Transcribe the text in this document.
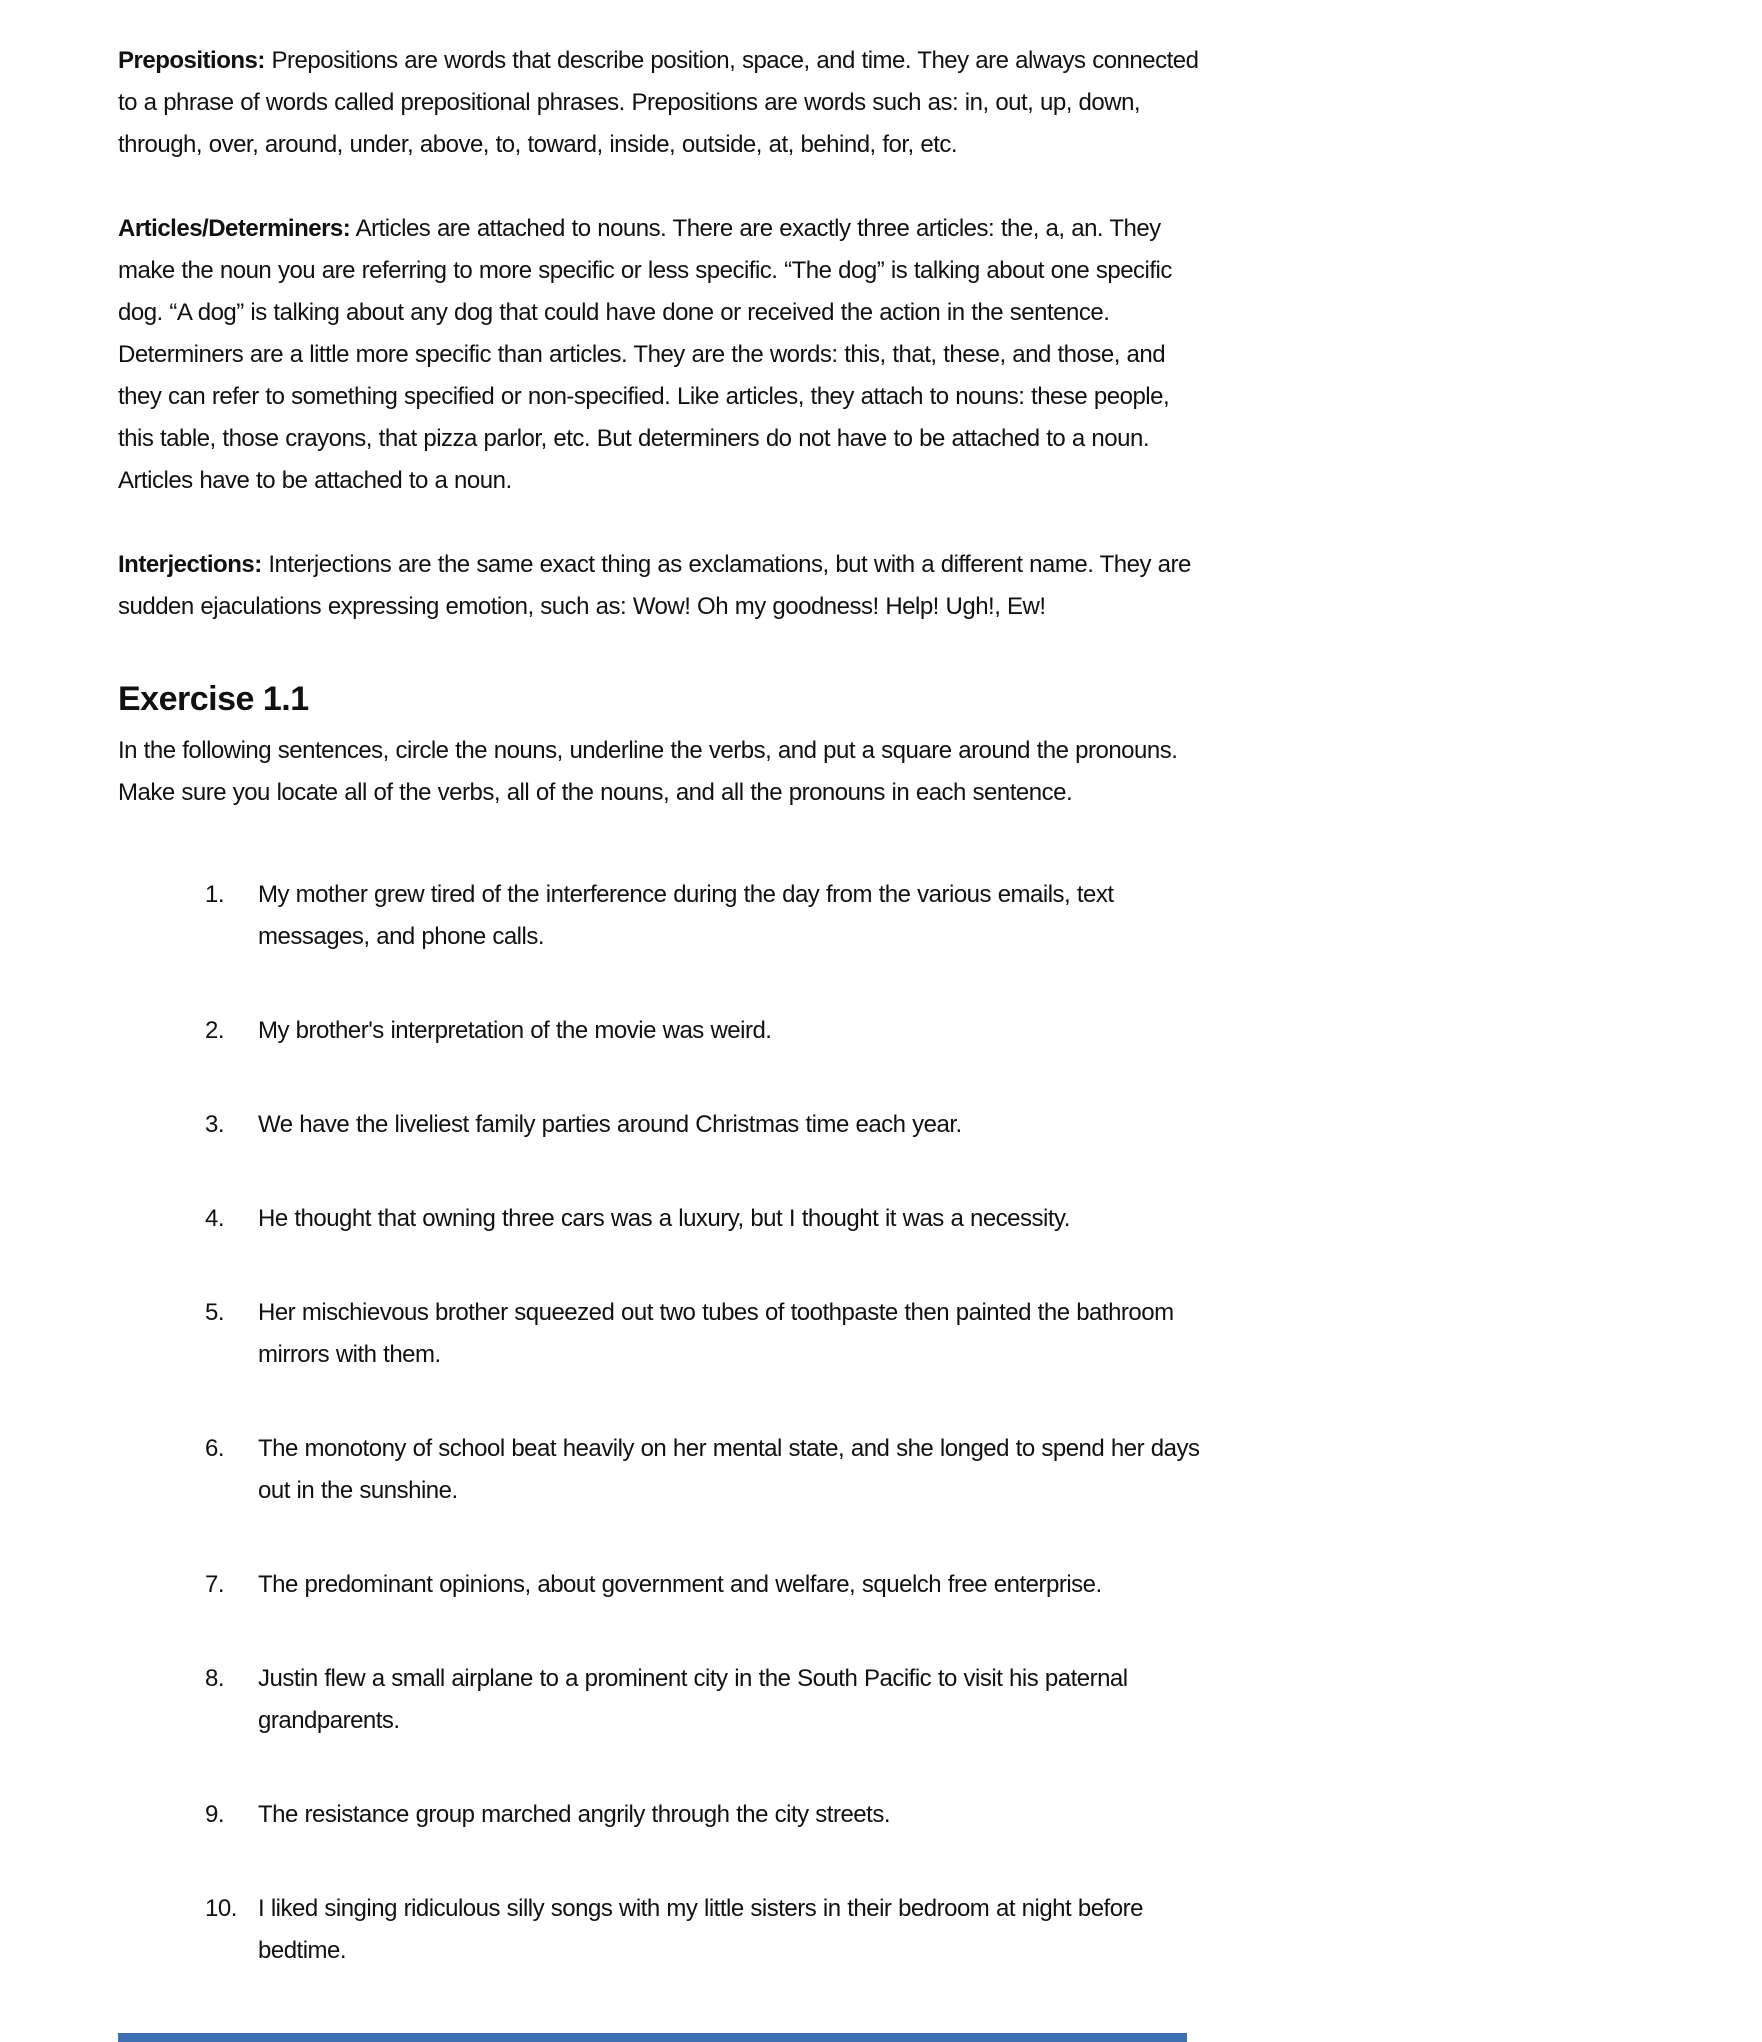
Prepositions: Prepositions are words that describe position, space, and time. They are always connected to a phrase of words called prepositional phrases. Prepositions are words such as: in, out, up, down, through, over, around, under, above, to, toward, inside, outside, at, behind, for, etc.

Articles/Determiners: Articles are attached to nouns. There are exactly three articles: the, a, an. They make the noun you are referring to more specific or less specific. “The dog” is talking about one specific dog. “A dog” is talking about any dog that could have done or received the action in the sentence. Determiners are a little more specific than articles. They are the words: this, that, these, and those, and they can refer to something specified or non-specified. Like articles, they attach to nouns: these people, this table, those crayons, that pizza parlor, etc. But determiners do not have to be attached to a noun. Articles have to be attached to a noun.

Interjections: Interjections are the same exact thing as exclamations, but with a different name. They are sudden ejaculations expressing emotion, such as: Wow! Oh my goodness! Help! Ugh!, Ew!

Exercise 1.1

In the following sentences, circle the nouns, underline the verbs, and put a square around the pronouns. Make sure you locate all of the verbs, all of the nouns, and all the pronouns in each sentence.

1.	My mother grew tired of the interference during the day from the various emails, text messages, and phone calls.
2.	My brother's interpretation of the movie was weird.
3.	We have the liveliest family parties around Christmas time each year.
4.	He thought that owning three cars was a luxury, but I thought it was a necessity.
5.	Her mischievous brother squeezed out two tubes of toothpaste then painted the bathroom mirrors with them.
6.	The monotony of school beat heavily on her mental state, and she longed to spend her days out in the sunshine.
7.	The predominant opinions, about government and welfare, squelch free enterprise.
8.	Justin flew a small airplane to a prominent city in the South Pacific to visit his paternal grandparents.
9.	The resistance group marched angrily through the city streets.
10. I liked singing ridiculous silly songs with my little sisters in their bedroom at night before bedtime.
